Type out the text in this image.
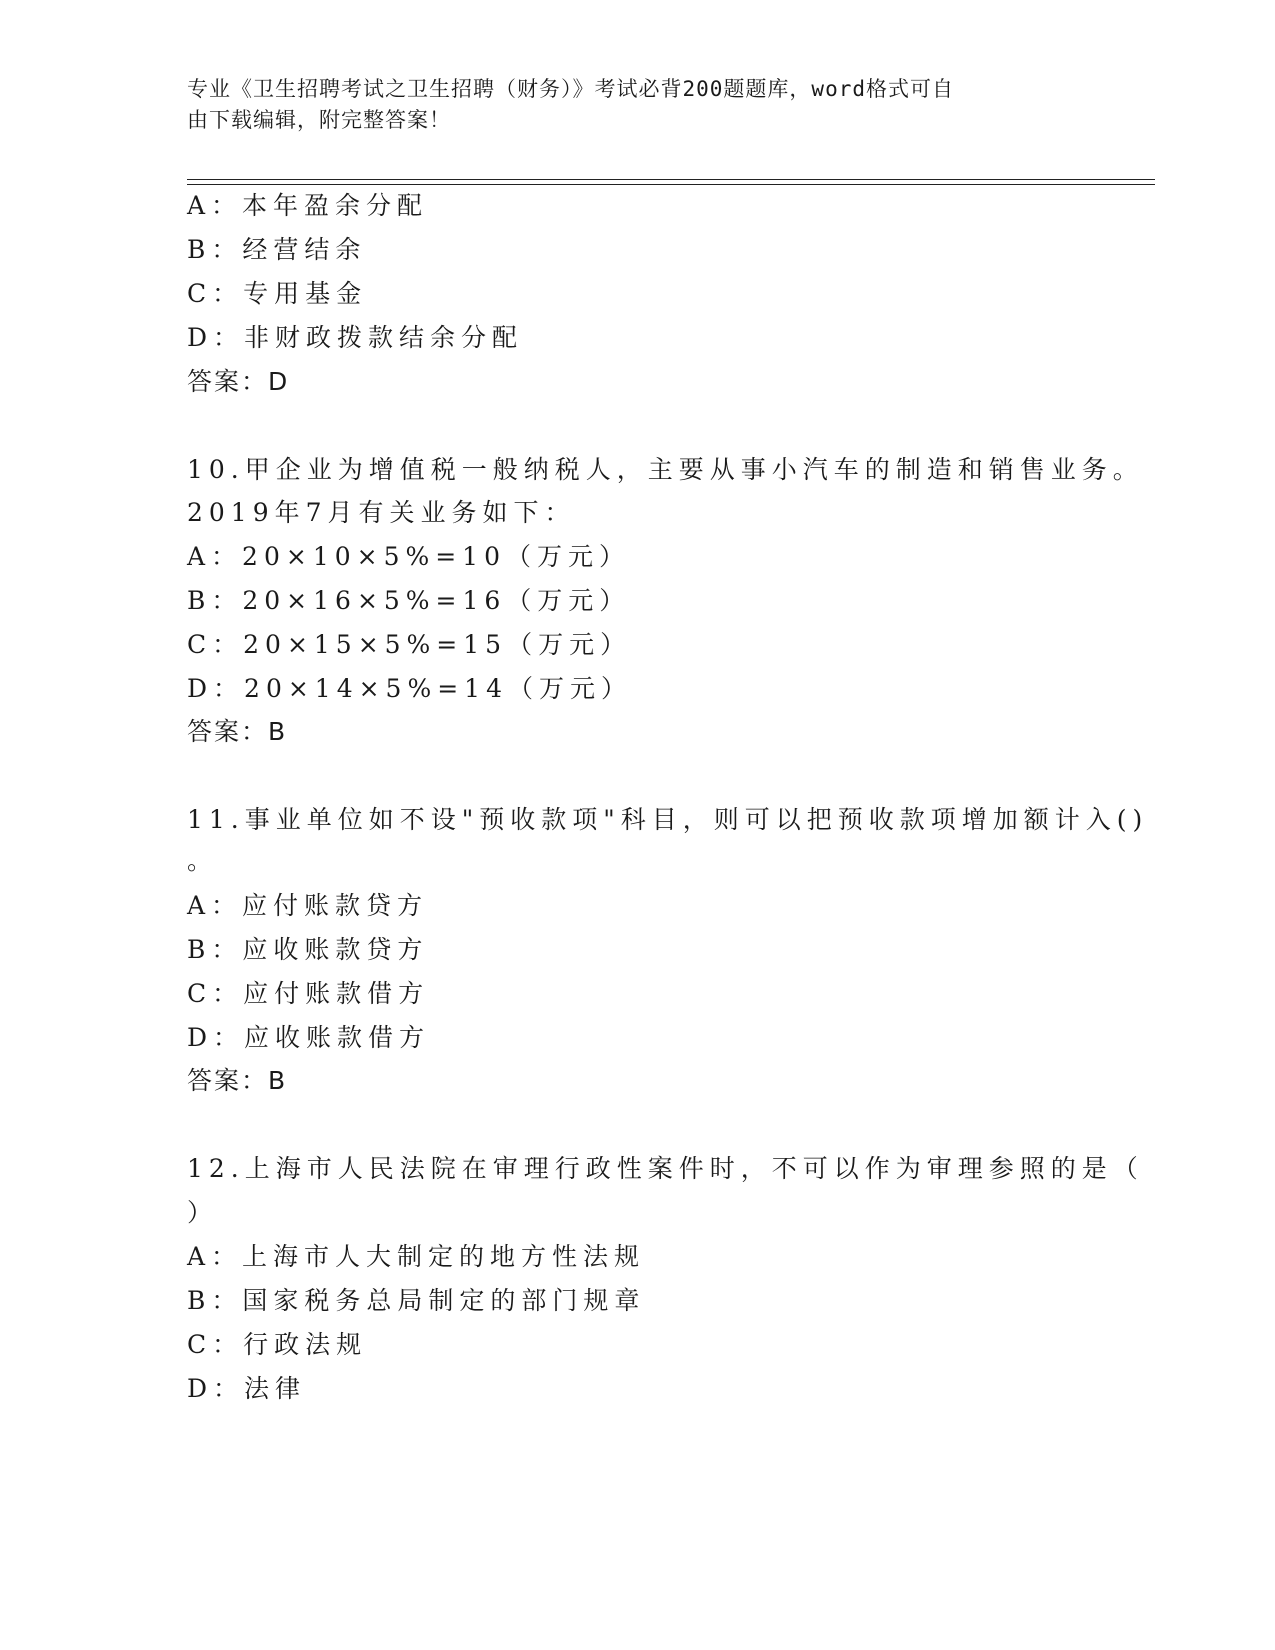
专业《卫生招聘考试之卫生招聘（财务）》考试必背200题题库，word格式可自
由下载编辑，附完整答案！
A：本年盈余分配
B：经营结余
C：专用基金
D：非财政拨款结余分配
答案：D
10.甲企业为增值税一般纳税人，主要从事小汽车的制造和销售业务。
2019年7月有关业务如下：
A：20×10×5%=10（万元）
B：20×16×5%=16（万元）
C：20×15×5%=15（万元）
D：20×14×5%=14（万元）
答案：B
11.事业单位如不设"预收款项"科目，则可以把预收款项增加额计入()
。
A：应付账款贷方
B：应收账款贷方
C：应付账款借方
D：应收账款借方
答案：B
12.上海市人民法院在审理行政性案件时，不可以作为审理参照的是（
）
A：上海市人大制定的地方性法规
B：国家税务总局制定的部门规章
C：行政法规
D：法律
